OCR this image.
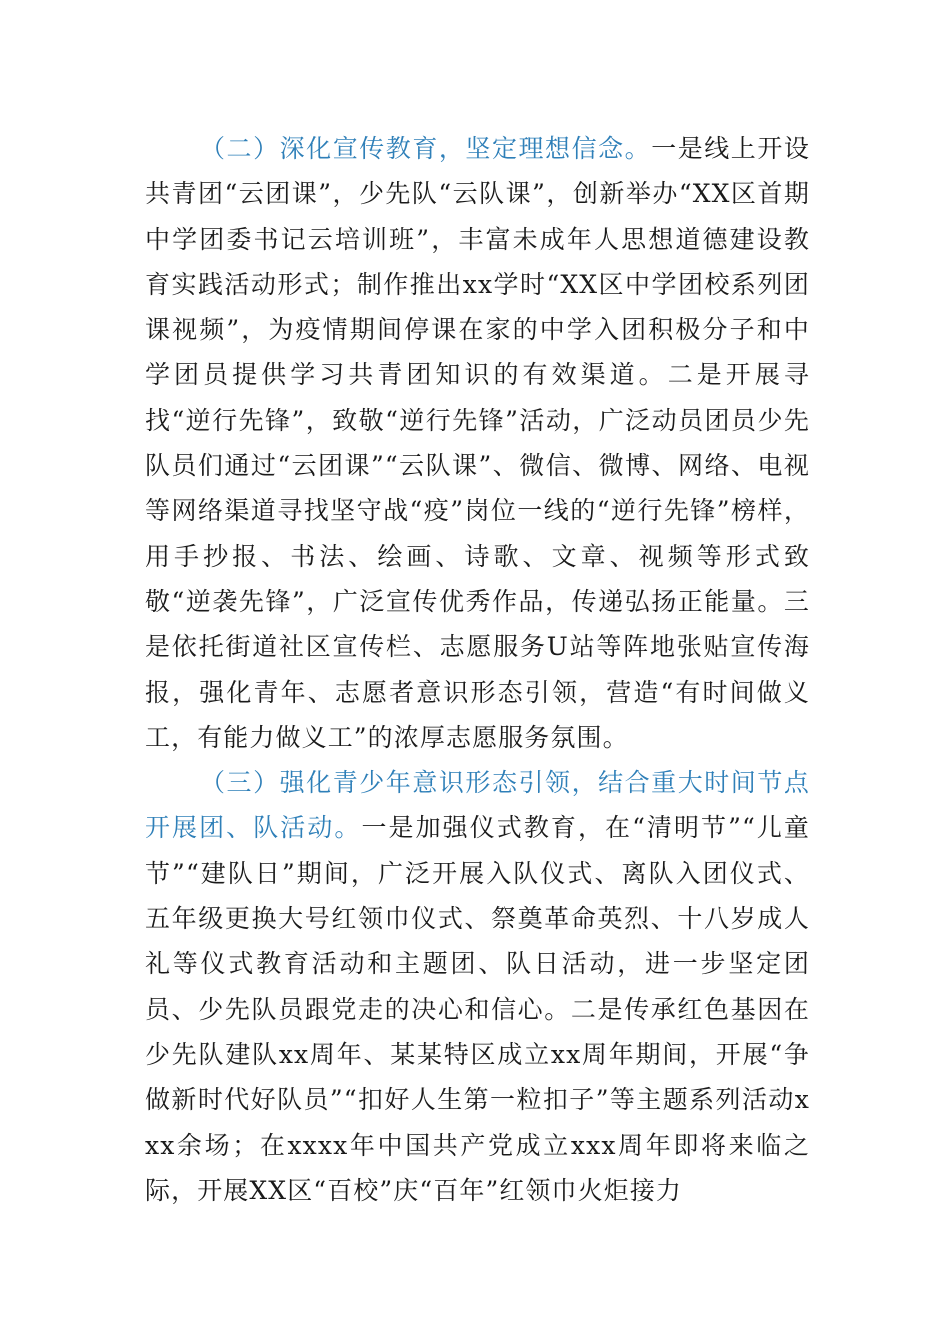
（二）深化宣传教育，坚定理想信念。一是线上开设共青团“云团课”，少先队“云队课”，创新举办“XX区首期中学团委书记云培训班”，丰富未成年人思想道德建设教育实践活动形式；制作推出xx学时“XX区中学团校系列团课视频”，为疫情期间停课在家的中学入团积极分子和中学团员提供学习共青团知识的有效渠道。二是开展寻找“逆行先锋”，致敬“逆行先锋”活动，广泛动员团员少先队员们通过“云团课”“云队课”、微信、微博、网络、电视等网络渠道寻找坚守战“疫”岗位一线的“逆行先锋”榜样，用手抄报、书法、绘画、诗歌、文章、视频等形式致敬“逆袭先锋”，广泛宣传优秀作品，传递弘扬正能量。三是依托街道社区宣传栏、志愿服务U站等阵地张贴宣传海报，强化青年、志愿者意识形态引领，营造“有时间做义工，有能力做义工”的浓厚志愿服务氛围。

（三）强化青少年意识形态引领，结合重大时间节点开展团、队活动。一是加强仪式教育，在“清明节”“儿童节”“建队日”期间，广泛开展入队仪式、离队入团仪式、五年级更换大号红领巾仪式、祭奠革命英烈、十八岁成人礼等仪式教育活动和主题团、队日活动，进一步坚定团员、少先队员跟党走的决心和信心。二是传承红色基因在少先队建队xx周年、某某特区成立xx周年期间，开展“争做新时代好队员”“扣好人生第一粒扣子”等主题系列活动xxx余场；在xxxx年中国共产党成立xxx周年即将来临之际，开展XX区“百校”庆“百年”红领巾火炬接力
